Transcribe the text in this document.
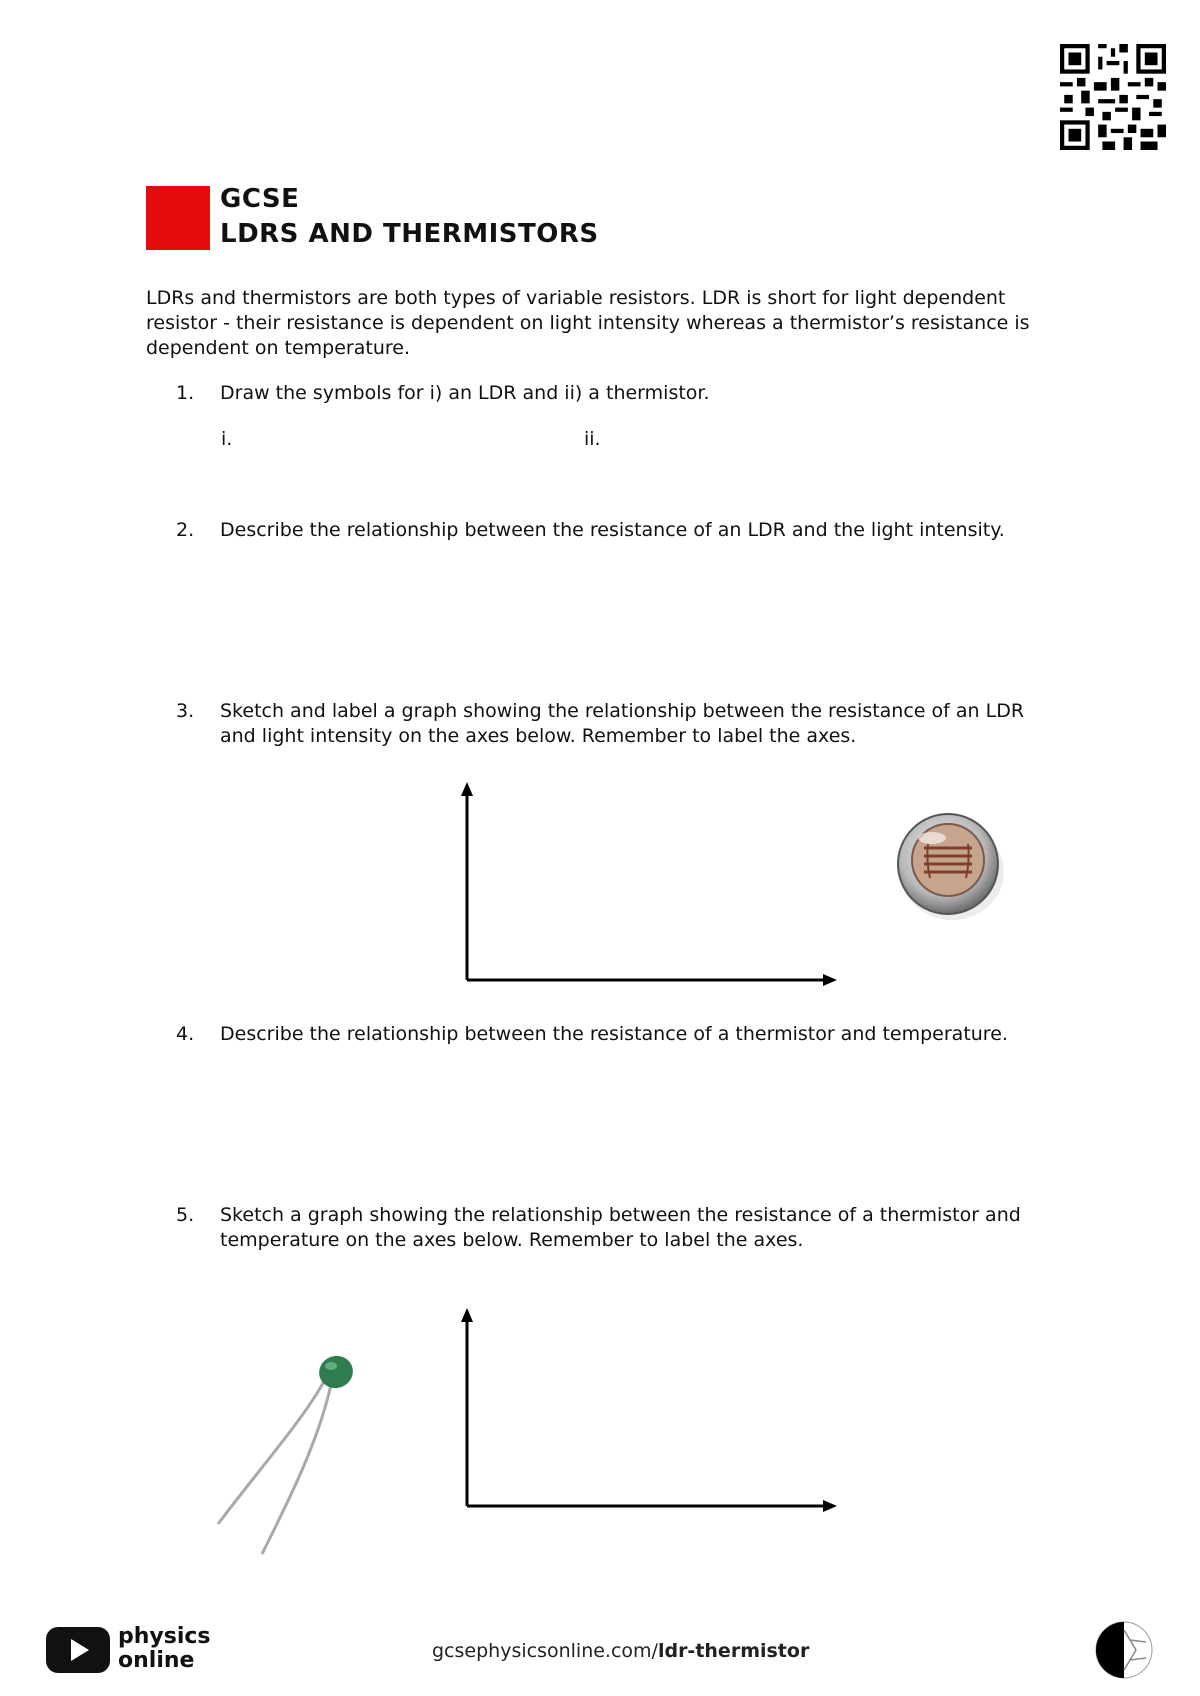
GCSE
LDRS AND THERMISTORS
LDRs and thermistors are both types of variable resistors. LDR is short for light dependent resistor - their resistance is dependent on light intensity whereas a thermistor’s resistance is dependent on temperature.
1.	Draw the symbols for i) an LDR and ii) a thermistor.
i.	ii.
2.	Describe the relationship between the resistance of an LDR and the light intensity.
3.	Sketch and label a graph showing the relationship between the resistance of an LDR and light intensity on the axes below. Remember to label the axes.
4.	Describe the relationship between the resistance of a thermistor and temperature.
5.	Sketch a graph showing the relationship between the resistance of a thermistor and temperature on the axes below. Remember to label the axes.
physics
online	gcsephysicsonline.com/ldr-thermistor
